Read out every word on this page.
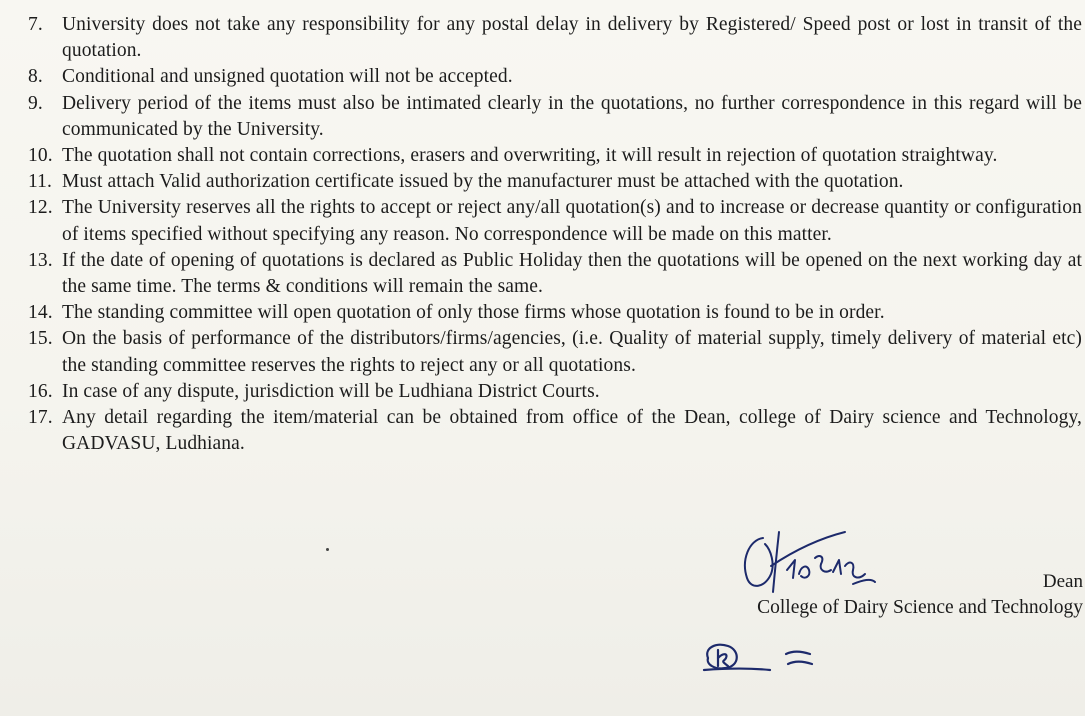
7. University does not take any responsibility for any postal delay in delivery by Registered/ Speed post or lost in transit of the quotation.
8. Conditional and unsigned quotation will not be accepted.
9. Delivery period of the items must also be intimated clearly in the quotations, no further correspondence in this regard will be communicated by the University.
10. The quotation shall not contain corrections, erasers and overwriting, it will result in rejection of quotation straightway.
11. Must attach Valid authorization certificate issued by the manufacturer must be attached with the quotation.
12. The University reserves all the rights to accept or reject any/all quotation(s) and to increase or decrease quantity or configuration of items specified without specifying any reason. No correspondence will be made on this matter.
13. If the date of opening of quotations is declared as Public Holiday then the quotations will be opened on the next working day at the same time. The terms & conditions will remain the same.
14. The standing committee will open quotation of only those firms whose quotation is found to be in order.
15. On the basis of performance of the distributors/firms/agencies, (i.e. Quality of material supply, timely delivery of material etc) the standing committee reserves the rights to reject any or all quotations.
16. In case of any dispute, jurisdiction will be Ludhiana District Courts.
17. Any detail regarding the item/material can be obtained from office of the Dean, college of Dairy science and Technology, GADVASU, Ludhiana.
Dean
College of Dairy Science and Technology
